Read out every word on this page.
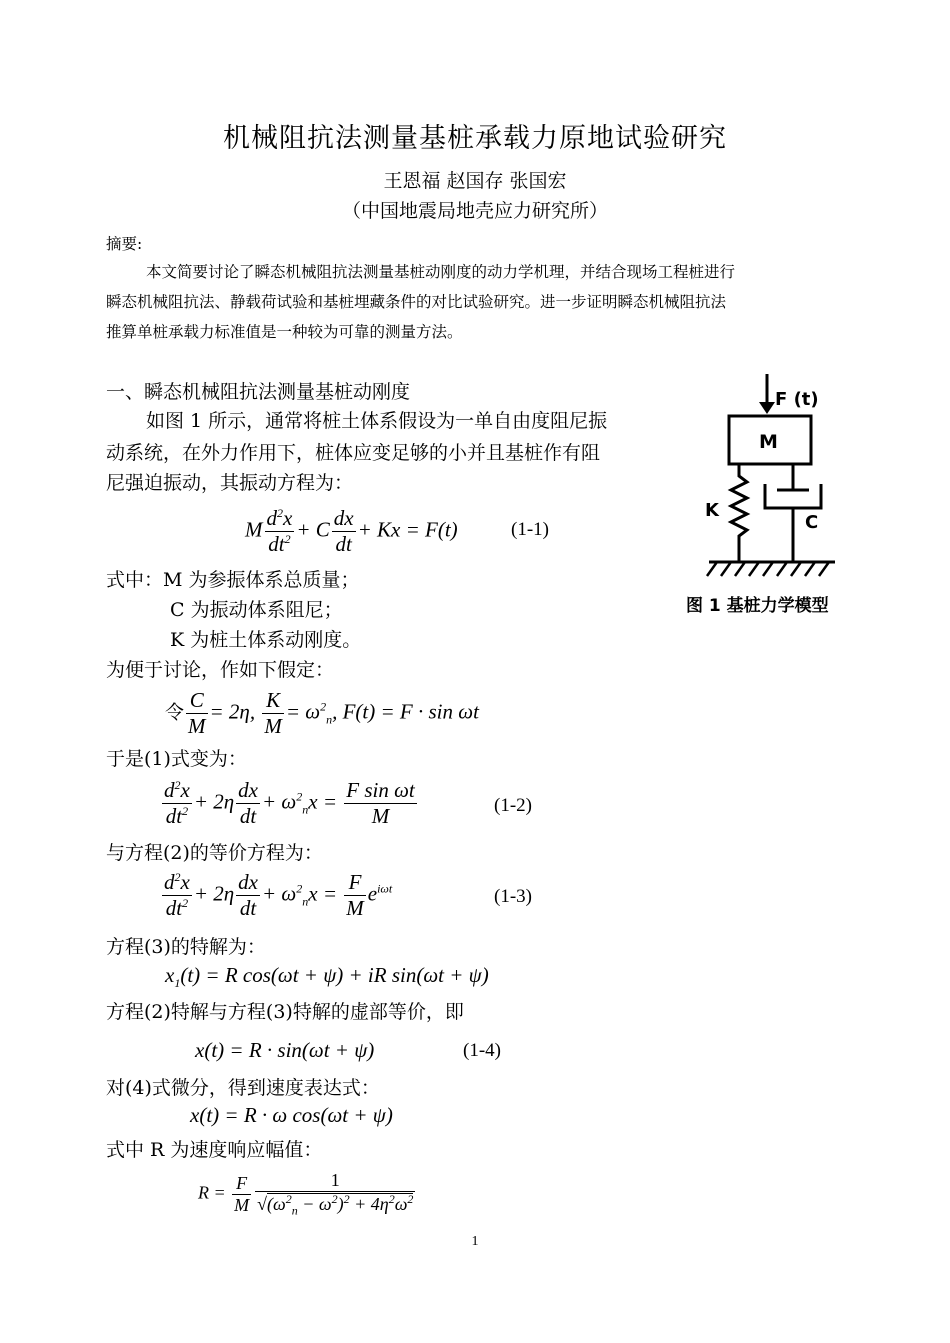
机械阻抗法测量基桩承载力原地试验研究
王恩福 赵国存 张国宏
（中国地震局地壳应力研究所）
摘要:
本文简要讨论了瞬态机械阻抗法测量基桩动刚度的动力学机理，并结合现场工程桩进行
瞬态机械阻抗法、静载荷试验和基桩埋藏条件的对比试验研究。进一步证明瞬态机械阻抗法
推算单桩承载力标准值是一种较为可靠的测量方法。
一、瞬态机械阻抗法测量基桩动刚度
如图 1 所示，通常将桩土体系假设为一单自由度阻尼振
动系统，在外力作用下，桩体应变足够的小并且基桩作有阻
尼强迫振动，其振动方程为：
M $\frac{d^2x}{dt^2} + C \frac{dx}{dt} + Kx = F(t)$	(1-1)
式中：M 为参振体系总质量；
C 为振动体系阻尼；
K 为桩土体系动刚度。
为便于讨论，作如下假定：
令 $\frac{C}{M} = 2\eta$, $\frac{K}{M} = \omega^2_n$, F(t) = F · sin ωt
于是(1)式变为：
$\frac{d^2x}{dt^2} + 2\eta \frac{dx}{dt} + \omega^2_nx = \frac{\text{F sin ωt}}{M}$	(1-2)
与方程(2)的等价方程为：
$\frac{d^2x}{dt^2} + 2\eta \frac{dx}{dt} + \omega^2_nx = \frac{F}{M} e^{i\omega t}$	(1-3)
方程(3)的特解为：
$x_1(t) = R$ cos(ωt + ψ) + iR sin(ωt + ψ)
方程(2)特解与方程(3)特解的虚部等价，即
x(t) = R · sin(ωt + ψ)	(1-4)
对(4)式微分，得到速度表达式：
x(t) = R · ω cos(ωt + ψ)
式中 R 为速度响应幅值：
$R = \frac{F}{M} \frac{1}{√(\omega^2_n - \omega^2)^2 + 4\eta^2\omega^2}$
1
F (t)
M
K
C
图 1 基桩力学模型
